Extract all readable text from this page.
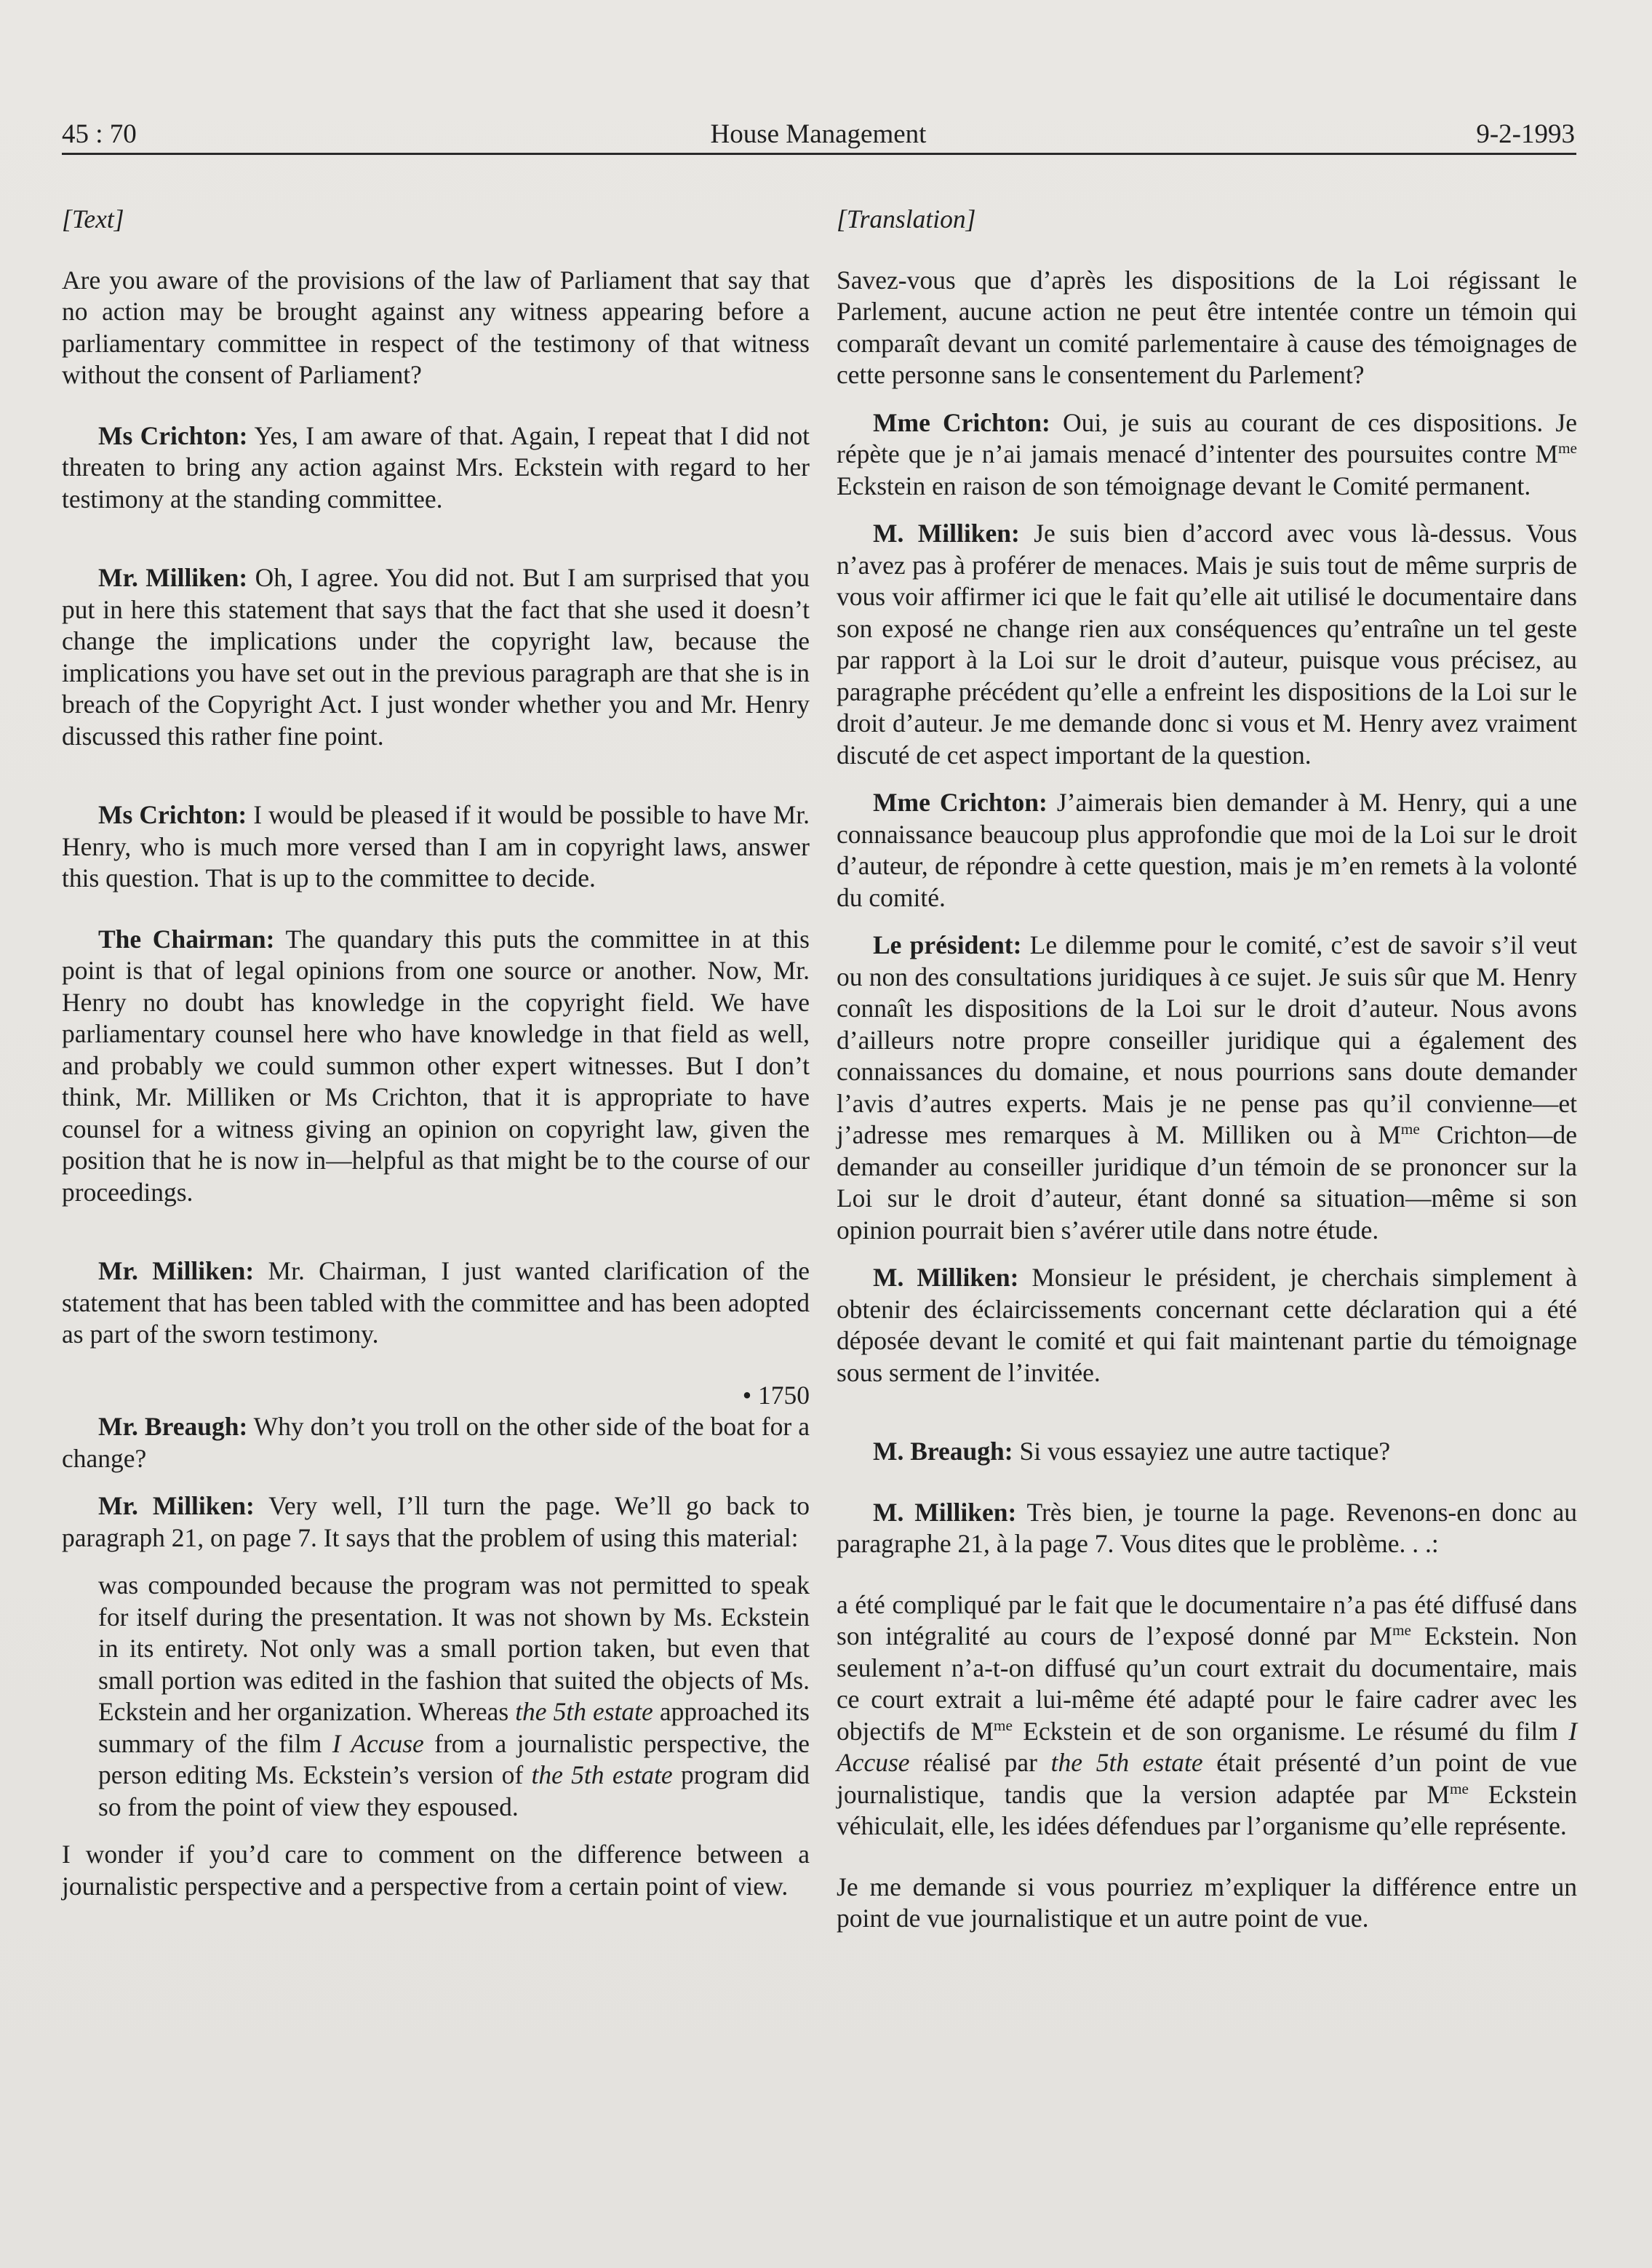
45 : 70	House Management	9-2-1993

[Text]

Are you aware of the provisions of the law of Parliament that say that no action may be brought against any witness appearing before a parliamentary committee in respect of the testimony of that witness without the consent of Parliament?

Ms Crichton: Yes, I am aware of that. Again, I repeat that I did not threaten to bring any action against Mrs. Eckstein with regard to her testimony at the standing committee.

Mr. Milliken: Oh, I agree. You did not. But I am surprised that you put in here this statement that says that the fact that she used it doesn’t change the implications under the copyright law, because the implications you have set out in the previous paragraph are that she is in breach of the Copyright Act. I just wonder whether you and Mr. Henry discussed this rather fine point.

Ms Crichton: I would be pleased if it would be possible to have Mr. Henry, who is much more versed than I am in copyright laws, answer this question. That is up to the committee to decide.

The Chairman: The quandary this puts the committee in at this point is that of legal opinions from one source or another. Now, Mr. Henry no doubt has knowledge in the copyright field. We have parliamentary counsel here who have knowledge in that field as well, and probably we could summon other expert witnesses. But I don’t think, Mr. Milliken or Ms Crichton, that it is appropriate to have counsel for a witness giving an opinion on copyright law, given the position that he is now in—helpful as that might be to the course of our proceedings.

Mr. Milliken: Mr. Chairman, I just wanted clarification of the statement that has been tabled with the committee and has been adopted as part of the sworn testimony.

• 1750

Mr. Breaugh: Why don’t you troll on the other side of the boat for a change?

Mr. Milliken: Very well, I’ll turn the page. We’ll go back to paragraph 21, on page 7. It says that the problem of using this material:

was compounded because the program was not permitted to speak for itself during the presentation. It was not shown by Ms. Eckstein in its entirety. Not only was a small portion taken, but even that small portion was edited in the fashion that suited the objects of Ms. Eckstein and her organization. Whereas the 5th estate approached its summary of the film I Accuse from a journalistic perspective, the person editing Ms. Eckstein’s version of the 5th estate program did so from the point of view they espoused.

I wonder if you’d care to comment on the difference between a journalistic perspective and a perspective from a certain point of view.

[Translation]

Savez-vous que d’après les dispositions de la Loi régissant le Parlement, aucune action ne peut être intentée contre un témoin qui comparaît devant un comité parlementaire à cause des témoignages de cette personne sans le consentement du Parlement?

Mme Crichton: Oui, je suis au courant de ces dispositions. Je répète que je n’ai jamais menacé d’intenter des poursuites contre $M^{me}$ Eckstein en raison de son témoignage devant le Comité permanent.

M. Milliken: Je suis bien d’accord avec vous là-dessus. Vous n’avez pas à proférer de menaces. Mais je suis tout de même surpris de vous voir affirmer ici que le fait qu’elle ait utilisé le documentaire dans son exposé ne change rien aux conséquences qu’entraîne un tel geste par rapport à la Loi sur le droit d’auteur, puisque vous précisez, au paragraphe précédent qu’elle a enfreint les dispositions de la Loi sur le droit d’auteur. Je me demande donc si vous et M. Henry avez vraiment discuté de cet aspect important de la question.

Mme Crichton: J’aimerais bien demander à M. Henry, qui a une connaissance beaucoup plus approfondie que moi de la Loi sur le droit d’auteur, de répondre à cette question, mais je m’en remets à la volonté du comité.

Le président: Le dilemme pour le comité, c’est de savoir s’il veut ou non des consultations juridiques à ce sujet. Je suis sûr que M. Henry connaît les dispositions de la Loi sur le droit d’auteur. Nous avons d’ailleurs notre propre conseiller juridique qui a également des connaissances du domaine, et nous pourrions sans doute demander l’avis d’autres experts. Mais je ne pense pas qu’il convienne—et j’adresse mes remarques à M. Milliken ou à $M^{me}$ Crichton—de demander au conseiller juridique d’un témoin de se prononcer sur la Loi sur le droit d’auteur, étant donné sa situation—même si son opinion pourrait bien s’avérer utile dans notre étude.

M. Milliken: Monsieur le président, je cherchais simplement à obtenir des éclaircissements concernant cette déclaration qui a été déposée devant le comité et qui fait maintenant partie du témoignage sous serment de l’invitée.

M. Breaugh: Si vous essayiez une autre tactique?

M. Milliken: Très bien, je tourne la page. Revenons-en donc au paragraphe 21, à la page 7. Vous dites que le problème. . .:

a été compliqué par le fait que le documentaire n’a pas été diffusé dans son intégralité au cours de l’exposé donné par $M^{me}$ Eckstein. Non seulement n’a-t-on diffusé qu’un court extrait du documentaire, mais ce court extrait a lui-même été adapté pour le faire cadrer avec les objectifs de $M^{me}$ Eckstein et de son organisme. Le résumé du film I Accuse réalisé par the 5th estate était présenté d’un point de vue journalistique, tandis que la version adaptée par $M^{me}$ Eckstein véhiculait, elle, les idées défendues par l’organisme qu’elle représente.

Je me demande si vous pourriez m’expliquer la différence entre un point de vue journalistique et un autre point de vue.
